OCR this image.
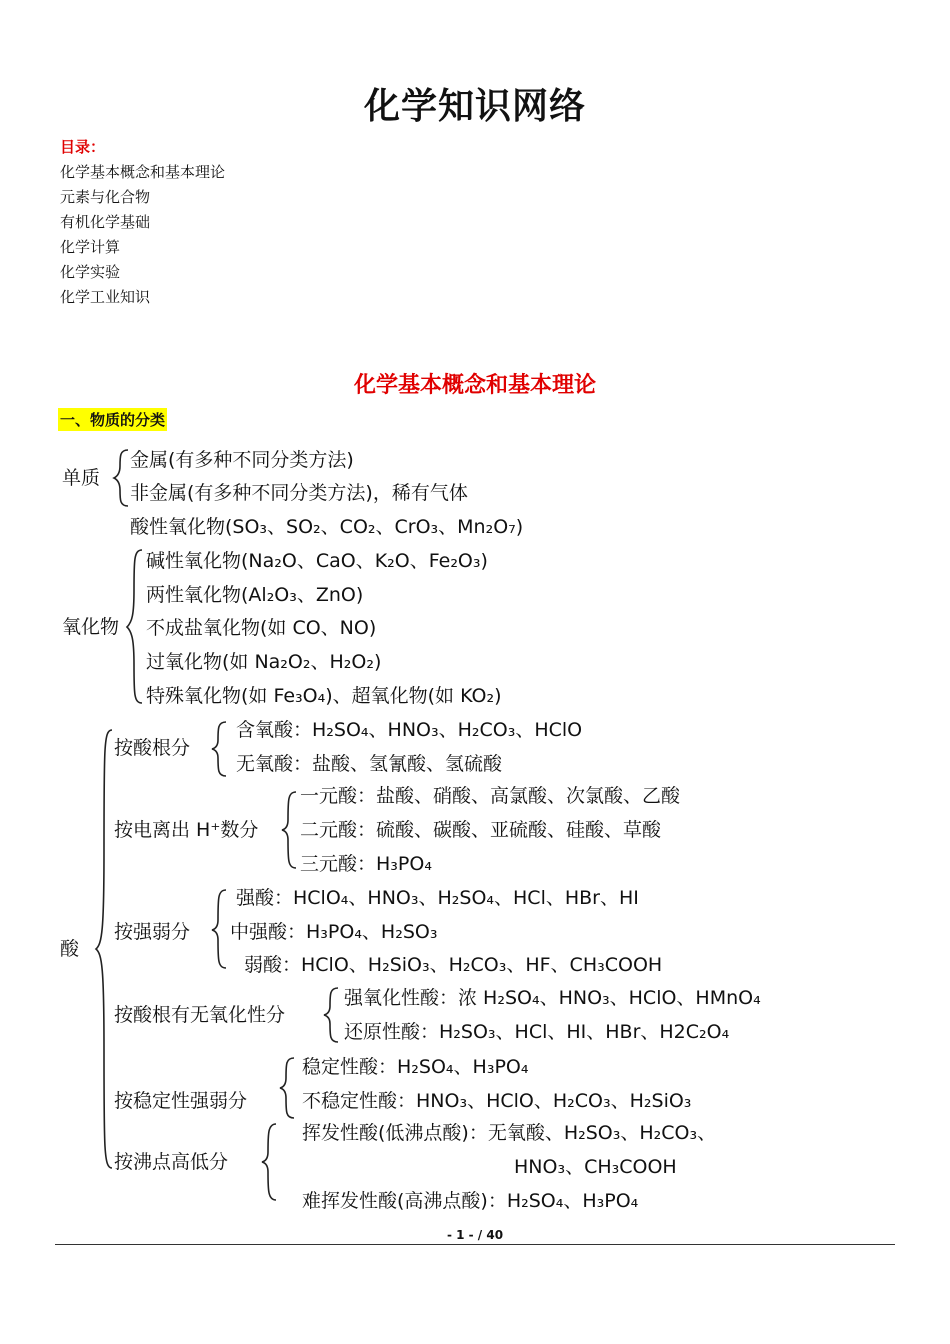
化学知识网络
目录：
化学基本概念和基本理论
元素与化合物
有机化学基础
化学计算
化学实验
化学工业知识
化学基本概念和基本理论
一、物质的分类
单质
金属(有多种不同分类方法)
非金属(有多种不同分类方法)，稀有气体
氧化物
酸性氧化物(SO₃、SO₂、CO₂、CrO₃、Mn₂O₇)
碱性氧化物(Na₂O、CaO、K₂O、Fe₂O₃)
两性氧化物(Al₂O₃、ZnO)
不成盐氧化物(如 CO、NO)
过氧化物(如 Na₂O₂、H₂O₂)
特殊氧化物(如 Fe₃O₄)、超氧化物(如 KO₂)
酸
按酸根分
含氧酸：H₂SO₄、HNO₃、H₂CO₃、HClO
无氧酸：盐酸、氢氰酸、氢硫酸
按电离出 H⁺数分
一元酸：盐酸、硝酸、高氯酸、次氯酸、乙酸
二元酸：硫酸、碳酸、亚硫酸、硅酸、草酸
三元酸：H₃PO₄
按强弱分
强酸：HClO₄、HNO₃、H₂SO₄、HCl、HBr、HI
中强酸：H₃PO₄、H₂SO₃
弱酸：HClO、H₂SiO₃、H₂CO₃、HF、CH₃COOH
按酸根有无氧化性分
强氧化性酸：浓 H₂SO₄、HNO₃、HClO、HMnO₄
还原性酸：H₂SO₃、HCl、HI、HBr、H2C₂O₄
按稳定性强弱分
稳定性酸：H₂SO₄、H₃PO₄
不稳定性酸：HNO₃、HClO、H₂CO₃、H₂SiO₃
按沸点高低分
挥发性酸(低沸点酸)：无氧酸、H₂SO₃、H₂CO₃、
HNO₃、CH₃COOH
难挥发性酸(高沸点酸)：H₂SO₄、H₃PO₄
- 1 - / 40
